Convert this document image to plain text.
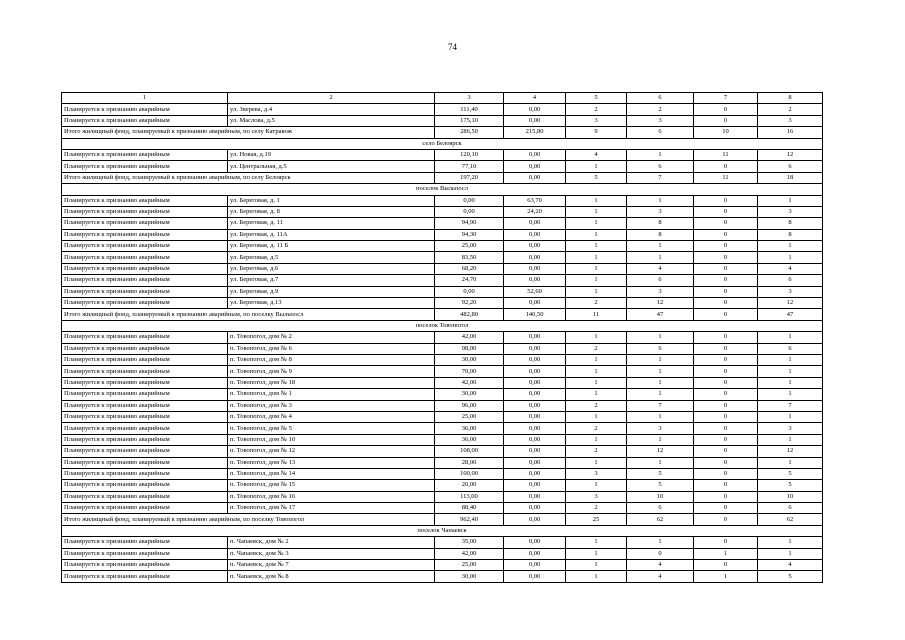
74
1	2	3	4	5	6	7	8
Планируется к признанию аварийным	ул. Зверева, д.4	111,40	0,00	2	2	0	2
Планируется к признанию аварийным	ул. Маслова, д.5	175,10	0,00	3	3	0	3
Итого жилищный фонд, планируемый к признанию аварийным, по селу Катравож		286,50	215,80	9	6	10	16
село Белоярск							
Планируется к признанию аварийным	ул. Новая, д.19	120,10	0,00	4	1	11	12
Планируется к признанию аварийным	ул. Центральная, д.5	77,10	0,00	1	6	0	6
Итого жилищный фонд, планируемый к признанию аварийным, по селу Белоярск		197,20	0,00	5	7	11	18
поселок Выльпосл							
Планируется к признанию аварийным	ул. Береговая, д. 1	0,00	63,70	1	1	0	1
Планируется к признанию аварийным	ул. Береговая, д. 8	0,00	24,20	1	3	0	3
Планируется к признанию аварийным	ул. Береговая, д. 11	94,90	0,00	1	8	0	8
Планируется к признанию аварийным	ул. Береговая, д. 11А	94,30	0,00	1	8	0	8
Планируется к признанию аварийным	ул. Береговая, д. 11 Б	25,00	0,00	1	1	0	1
Планируется к признанию аварийным	ул. Береговая, д.5	83,50	0,00	1	1	0	1
Планируется к признанию аварийным	ул. Береговая, д.6	68,20	0,00	1	4	0	4
Планируется к признанию аварийным	ул. Береговая, д.7	24,70	0,00	1	6	0	6
Планируется к признанию аварийным	ул. Береговая, д.9	0,00	52,60	1	3	0	3
Планируется к признанию аварийным	ул. Береговая, д.13	92,20	0,00	2	12	0	12
Итого жилищный фонд, планируемый к признанию аварийным, по поселку Выльпосл		482,80	140,50	11	47	0	47
поселок Товопогол							
Планируется к признанию аварийным	п. Товопогол, дом № 2	42,00	0,00	1	1	0	1
Планируется к признанию аварийным	п. Товопогол, дом № 6	98,00	0,00	2	6	0	6
Планируется к признанию аварийным	п. Товопогол, дом № 8	30,00	0,00	1	1	0	1
Планируется к признанию аварийным	п. Товопогол, дом № 9	70,00	0,00	1	1	0	1
Планируется к признанию аварийным	п. Товопогол, дом № 18	42,00	0,00	1	1	0	1
Планируется к признанию аварийным	п. Товопогол, дом № 1	30,00	0,00	1	1	0	1
Планируется к признанию аварийным	п. Товопогол, дом № 3	96,00	0,00	2	7	0	7
Планируется к признанию аварийным	п. Товопогол, дом № 4	25,00	0,00	1	1	0	1
Планируется к признанию аварийным	п. Товопогол, дом № 5	36,00	0,00	2	3	0	3
Планируется к признанию аварийным	п. Товопогол, дом № 10	36,00	0,00	1	1	0	1
Планируется к признанию аварийным	п. Товопогол, дом № 12	108,00	0,00	2	12	0	12
Планируется к признанию аварийным	п. Товопогол, дом № 13	28,00	0,00	1	1	0	1
Планируется к признанию аварийным	п. Товопогол, дом № 14	100,00	0,00	3	5	0	5
Планируется к признанию аварийным	п. Товопогол, дом № 15	20,00	0,00	1	5	0	5
Планируется к признанию аварийным	п. Товопогол, дом № 16	113,00	0,00	3	10	0	10
Планируется к признанию аварийным	п. Товопогол, дом № 17	88,40	0,00	2	6	0	6
Итого жилищный фонд, планируемый к признанию аварийным, по поселку Товопогол		962,40	0,00	25	62	0	62
поселок Чапаевск							
Планируется к признанию аварийным	п. Чапаевск, дом № 2	35,00	0,00	1	1	0	1
Планируется к признанию аварийным	п. Чапаевск, дом № 3	42,00	0,00	1	0	1	1
Планируется к признанию аварийным	п. Чапаевск, дом № 7	25,00	0,00	1	4	0	4
Планируется к признанию аварийным	п. Чапаевск, дом № 8	30,00	0,00	1	4	1	5
